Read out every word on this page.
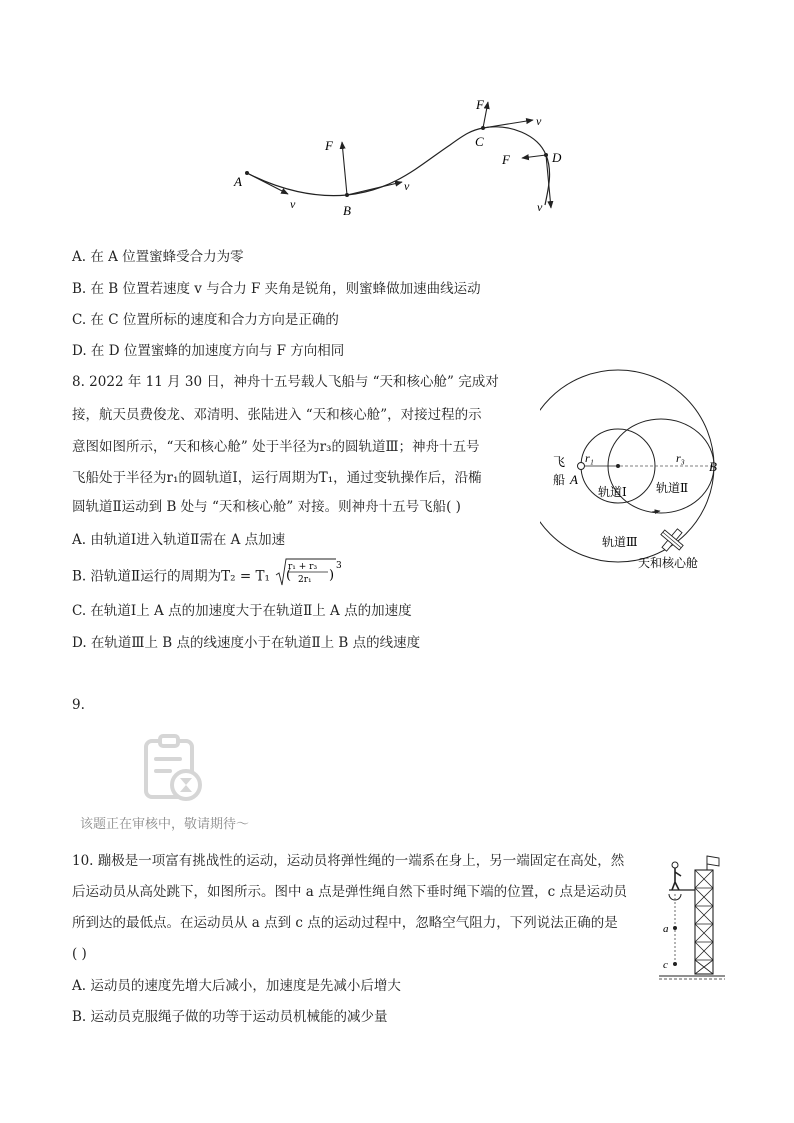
A
v
F
B
v
F
C
v
F	D
v
A. 在 A 位置蜜蜂受合力为零
B. 在 B 位置若速度 v 与合力 F 夹角是锐角，则蜜蜂做加速曲线运动
C. 在 C 位置所标的速度和合力方向是正确的
D. 在 D 位置蜜蜂的加速度方向与 F 方向相同
8. 2022 年 11 月 30 日，神舟十五号载人飞船与 “天和核心舱” 完成对
接，航天员费俊龙、邓清明、张陆进入 “天和核心舱”，对接过程的示
意图如图所示，“天和核心舱” 处于半径为r₃的圆轨道Ⅲ；神舟十五号
飞船处于半径为r₁的圆轨道Ⅰ，运行周期为T₁，通过变轨操作后，沿椭
圆轨道Ⅱ运动到 B 处与 “天和核心舱” 对接。则神舟十五号飞船( )
A. 由轨道Ⅰ进入轨道Ⅱ需在 A 点加速
B. 沿轨道Ⅱ运行的周期为T₂ = T₁
r₁ + r₃
2r₁
(	)
3
C. 在轨道Ⅰ上 A 点的加速度大于在轨道Ⅱ上 A 点的加速度
D. 在轨道Ⅲ上 B 点的线速度小于在轨道Ⅱ上 B 点的线速度
r₁	r₃
B
A
飞
船
轨道Ⅰ 轨道Ⅱ
轨道Ⅲ
天和核心舱
9.
该题正在审核中，敬请期待～
10. 蹦极是一项富有挑战性的运动，运动员将弹性绳的一端系在身上，另一端固定在高处，然
后运动员从高处跳下，如图所示。图中 a 点是弹性绳自然下垂时绳下端的位置，c 点是运动员
所到达的最低点。在运动员从 a 点到 c 点的运动过程中，忽略空气阻力，下列说法正确的是
( )
A. 运动员的速度先增大后减小，加速度是先减小后增大
B. 运动员克服绳子做的功等于运动员机械能的减少量
a
c
